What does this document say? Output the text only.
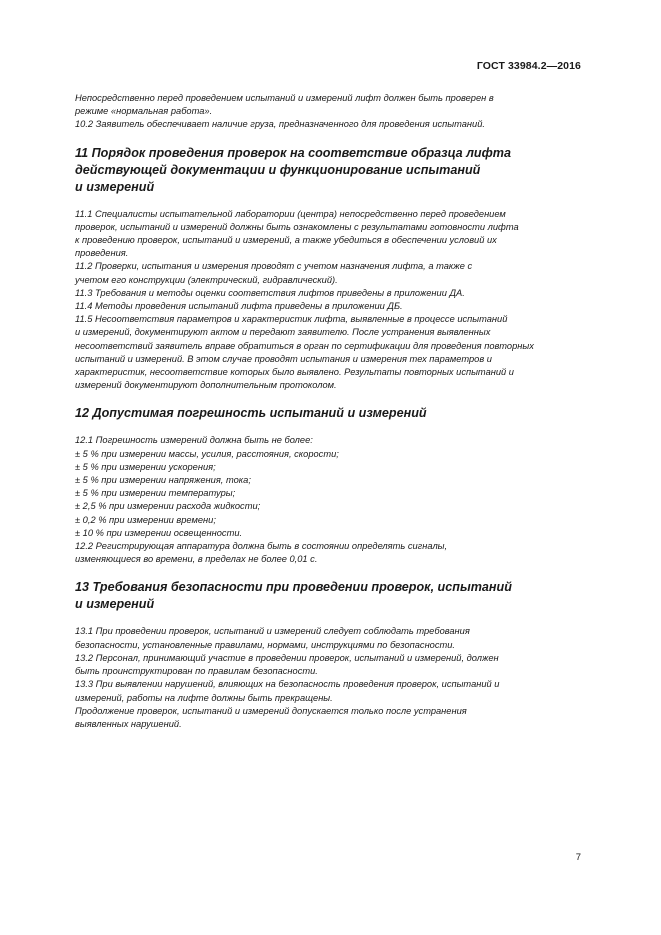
ГОСТ 33984.2—2016

Непосредственно перед проведением испытаний и измерений лифт должен быть проверен в

режиме «нормальная работа».

10.2 Заявитель обеспечивает наличие груза, предназначенного для проведения испытаний.

11 Порядок проведения проверок на соответствие образца лифта

действующей документации и функционирование испытаний

и измерений

11.1 Специалисты испытательной лаборатории (центра) непосредственно перед проведением

проверок, испытаний и измерений должны быть ознакомлены с результатами готовности лифта

к проведению проверок, испытаний и измерений, а также убедиться в обеспечении условий их

проведения.

11.2 Проверки, испытания и измерения проводят с учетом назначения лифта, а также с

учетом его конструкции (электрический, гидравлический).

11.3 Требования и методы оценки соответствия лифтов приведены в приложении ДА.

11.4 Методы проведения испытаний лифта приведены в приложении ДБ.

11.5 Несоответствия параметров и характеристик лифта, выявленные в процессе испытаний

и измерений, документируют актом и передают заявителю. После устранения выявленных

несоответствий заявитель вправе обратиться в орган по сертификации для проведения повторных

испытаний и измерений. В этом случае проводят испытания и измерения тех параметров и

характеристик, несоответствие которых было выявлено. Результаты повторных испытаний и

измерений документируют дополнительным протоколом.

12 Допустимая погрешность испытаний и измерений

12.1 Погрешность измерений должна быть не более:

± 5 % при измерении массы, усилия, расстояния, скорости;

± 5 % при измерении ускорения;

± 5 % при измерении напряжения, тока;

± 5 % при измерении температуры;

± 2,5 % при измерении расхода жидкости;

± 0,2 % при измерении времени;

± 10 % при измерении освещенности.

12.2 Регистрирующая аппаратура должна быть в состоянии определять сигналы,

изменяющиеся во времени, в пределах не более 0,01 с.

13 Требования безопасности при проведении проверок, испытаний

и измерений

13.1 При проведении проверок, испытаний и измерений следует соблюдать требования

безопасности, установленные правилами, нормами, инструкциями по безопасности.

13.2 Персонал, принимающий участие в проведении проверок, испытаний и измерений, должен

быть проинструктирован по правилам безопасности.

13.3 При выявлении нарушений, влияющих на безопасность проведения проверок, испытаний и

измерений, работы на лифте должны быть прекращены.

Продолжение проверок, испытаний и измерений допускается только после устранения

выявленных нарушений.

7
